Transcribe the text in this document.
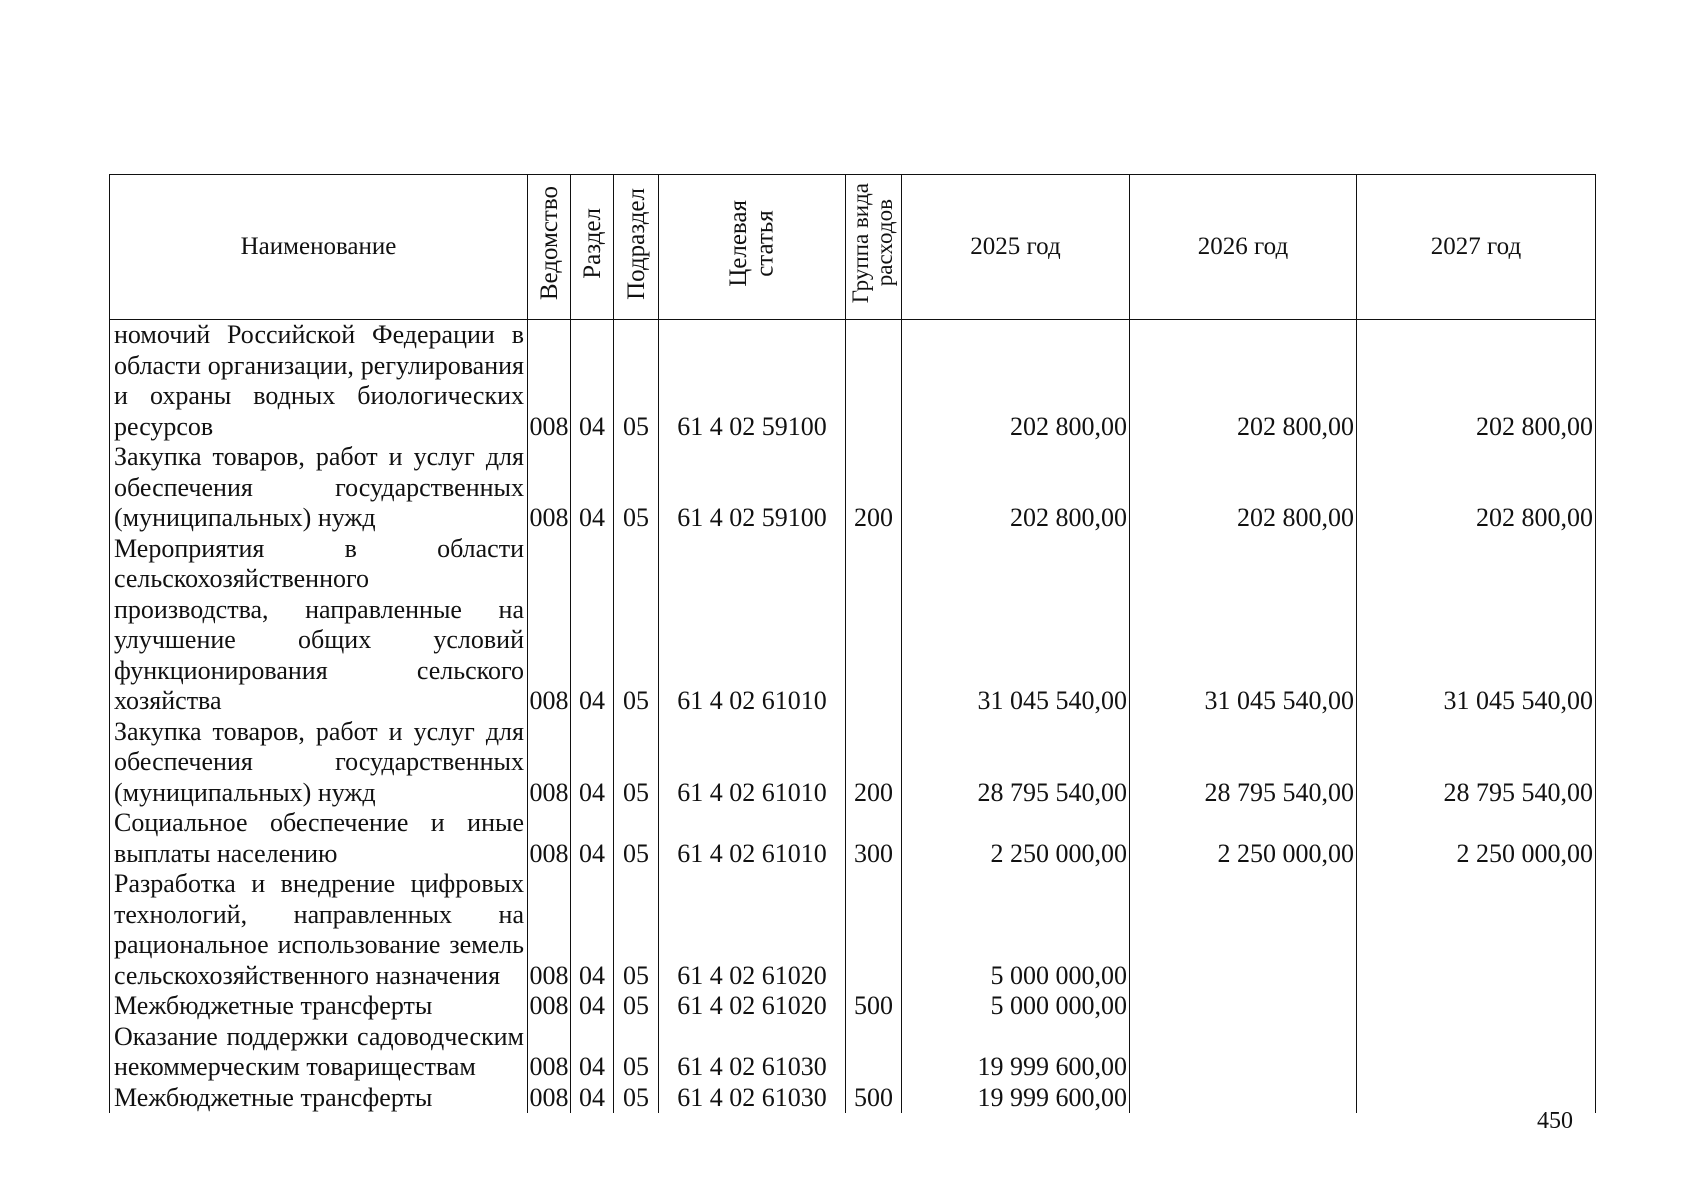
Наименование	Ведомство	Раздел	Подраздел	Целевая
статья	Группа вида
расходов	2025 год	2026 год	2027 год
номочий Российской Федерации в области организации, регулирования и охраны водных биологических ресурсов	008	04	05	61 4 02 59100		202 800,00	202 800,00	202 800,00
Закупка товаров, работ и услуг для обеспечения государственных (муниципальных) нужд	008	04	05	61 4 02 59100	200	202 800,00	202 800,00	202 800,00
Мероприятия в области сельскохозяйственного производства, направленные на улучшение общих условий функционирования сельского хозяйства	008	04	05	61 4 02 61010		31 045 540,00	31 045 540,00	31 045 540,00
Закупка товаров, работ и услуг для обеспечения государственных (муниципальных) нужд	008	04	05	61 4 02 61010	200	28 795 540,00	28 795 540,00	28 795 540,00
Социальное обеспечение и иные выплаты населению	008	04	05	61 4 02 61010	300	2 250 000,00	2 250 000,00	2 250 000,00
Разработка и внедрение цифровых технологий, направленных на рациональное использование земель сельскохозяйственного назначения	008	04	05	61 4 02 61020		5 000 000,00		
Межбюджетные трансферты	008	04	05	61 4 02 61020	500	5 000 000,00		
Оказание поддержки садоводческим некоммерческим товариществам	008	04	05	61 4 02 61030		19 999 600,00		
Межбюджетные трансферты	008	04	05	61 4 02 61030	500	19 999 600,00		
450
